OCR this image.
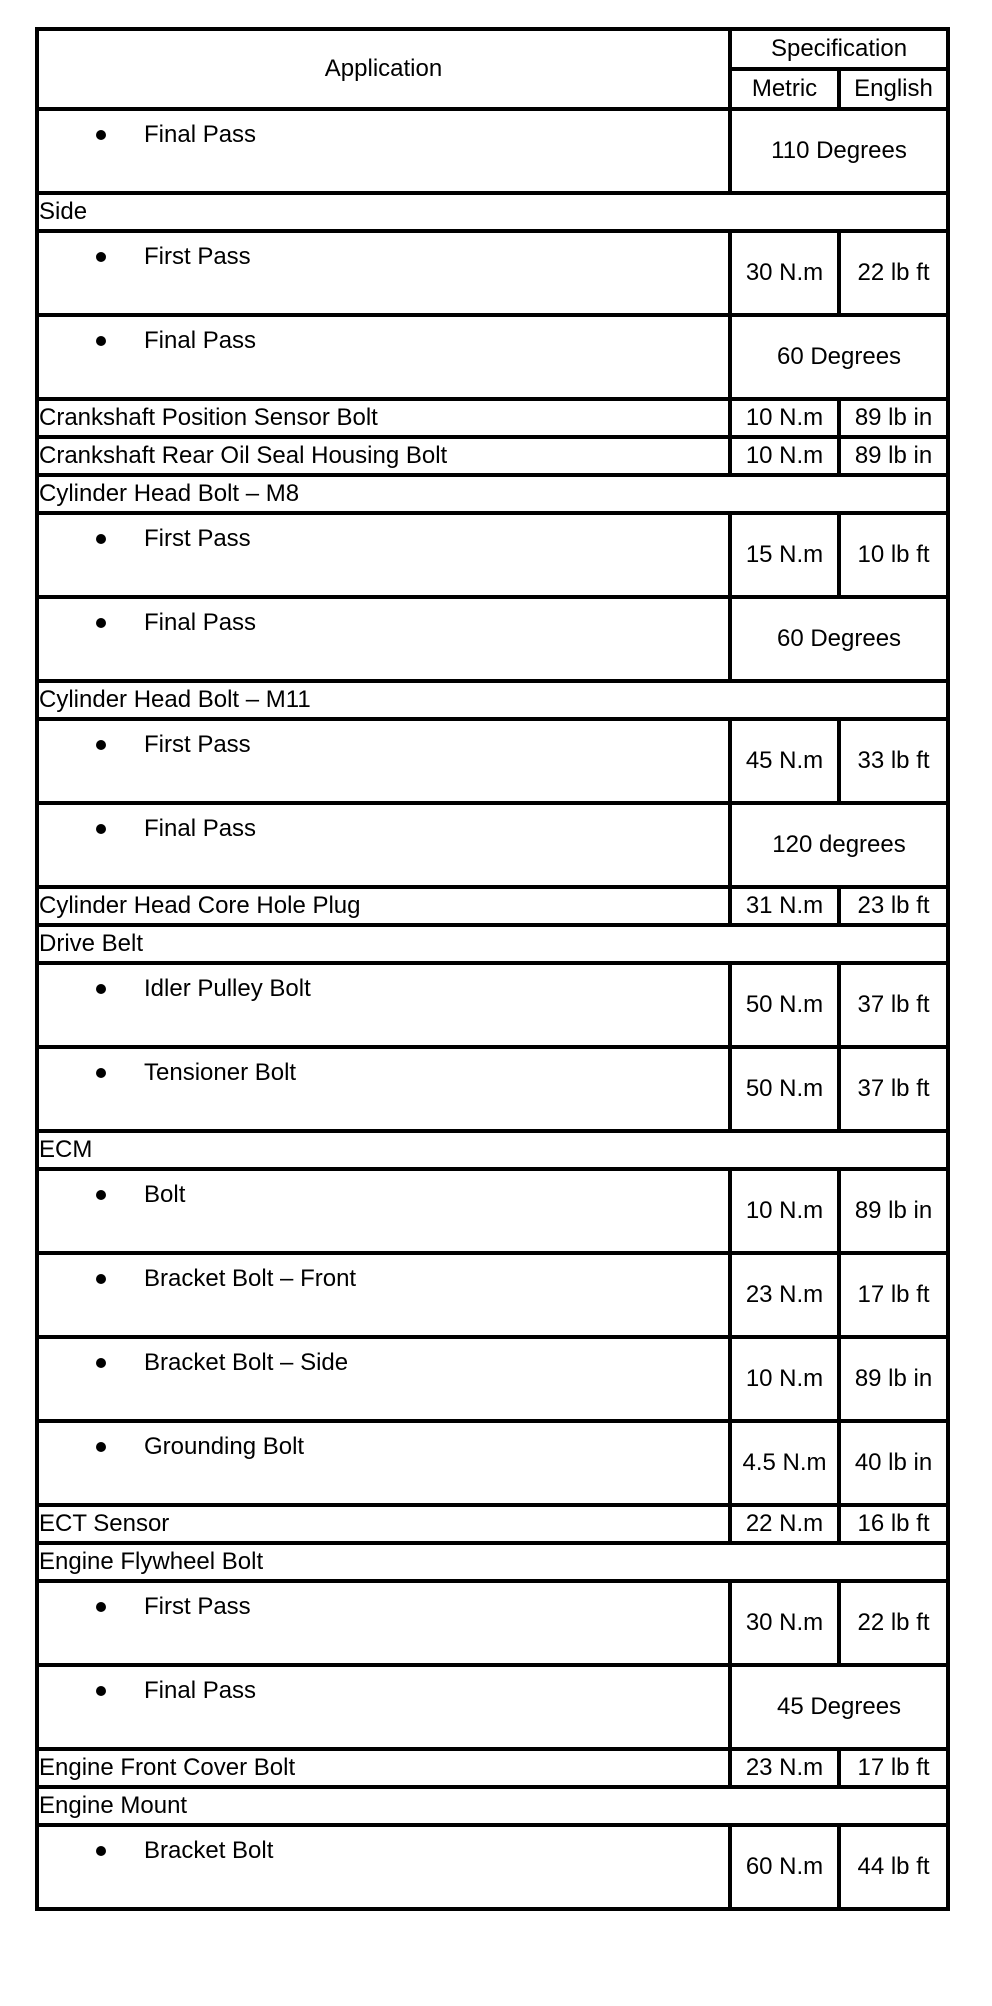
Application	Specification	
	Metric	English

Final Pass	110 Degrees	
Side		

First Pass	30 N.m	22 lb ft

Final Pass	60 Degrees	
Crankshaft Position Sensor Bolt	10 N.m	89 lb in
Crankshaft Rear Oil Seal Housing Bolt	10 N.m	89 lb in
Cylinder Head Bolt – M8		

First Pass	15 N.m	10 lb ft

Final Pass	60 Degrees	
Cylinder Head Bolt – M11		

First Pass	45 N.m	33 lb ft

Final Pass	120 degrees	
Cylinder Head Core Hole Plug	31 N.m	23 lb ft
Drive Belt		

Idler Pulley Bolt	50 N.m	37 lb ft

Tensioner Bolt	50 N.m	37 lb ft
ECM		

Bolt	10 N.m	89 lb in

Bracket Bolt – Front	23 N.m	17 lb ft

Bracket Bolt – Side	10 N.m	89 lb in

Grounding Bolt	4.5 N.m	40 lb in
ECT Sensor	22 N.m	16 lb ft
Engine Flywheel Bolt		

First Pass	30 N.m	22 lb ft

Final Pass	45 Degrees	
Engine Front Cover Bolt	23 N.m	17 lb ft
Engine Mount		

Bracket Bolt	60 N.m	44 lb ft
